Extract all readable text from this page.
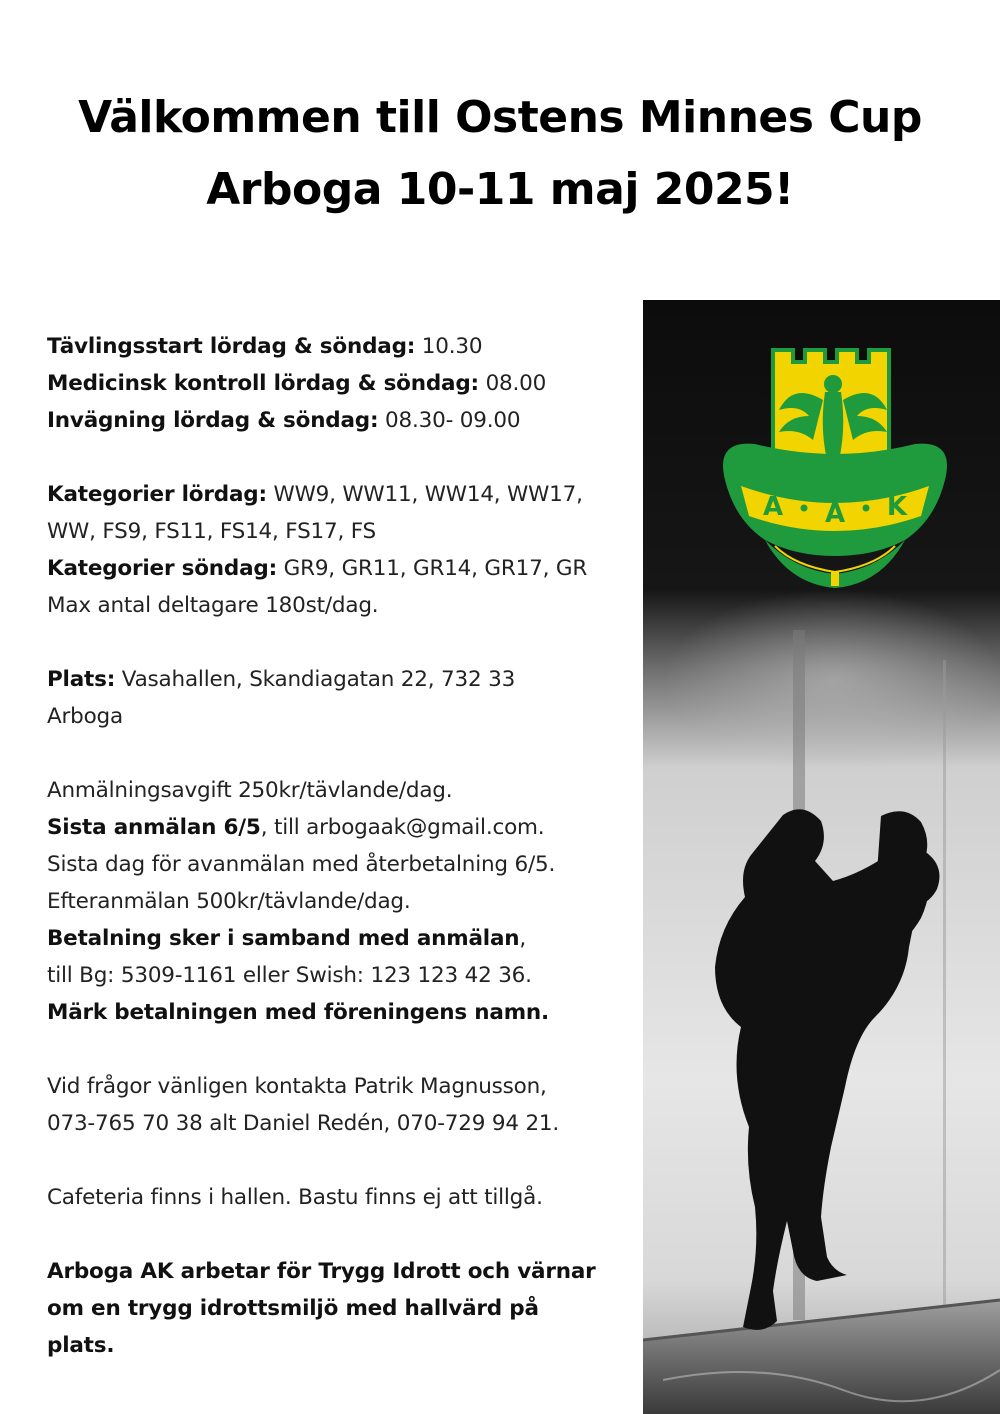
Välkommen till Ostens Minnes Cup
Arboga 10-11 maj 2025!

Tävlingsstart lördag & söndag: 10.30

Medicinsk kontroll lördag & söndag: 08.00

Invägning lördag & söndag: 08.30- 09.00

Kategorier lördag: WW9, WW11, WW14, WW17,

WW, FS9, FS11, FS14, FS17, FS

Kategorier söndag: GR9, GR11, GR14, GR17, GR

Max antal deltagare 180st/dag.

Plats: Vasahallen, Skandiagatan 22, 732 33

Arboga

Anmälningsavgift 250kr/tävlande/dag.

Sista anmälan 6/5, till arbogaak@gmail.com.

Sista dag för avanmälan med återbetalning 6/5.

Efteranmälan 500kr/tävlande/dag.

Betalning sker i samband med anmälan,

till Bg: 5309-1161 eller Swish: 123 123 42 36.

Märk betalningen med föreningens namn.

Vid frågor vänligen kontakta Patrik Magnusson,

073-765 70 38 alt Daniel Redén, 070-729 94 21.

Cafeteria finns i hallen. Bastu finns ej att tillgå.

Arboga AK arbetar för Trygg Idrott och värnar

om en trygg idrottsmiljö med hallvärd på

plats.

A A K
